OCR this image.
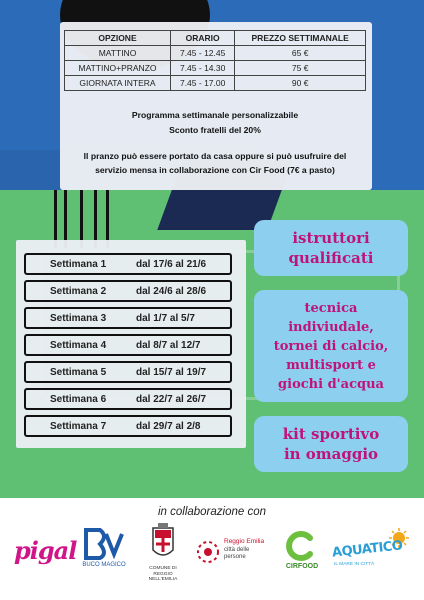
OPZIONE	ORARIO	PREZZO SETTIMANALE
MATTINO	7.45 - 12.45	65 €
MATTINO+PRANZO	7.45 - 14.30	75 €
GIORNATA INTERA	7.45 - 17.00	90 €
Programma settimanale personalizzabile
Sconto fratelli del 20%
Il pranzo può essere portato da casa oppure si può usufruire del
servizio mensa in collaborazione con Cir Food (7€ a pasto)
Settimana 1	dal 17/6 al 21/6
Settimana 2	dal 24/6 al 28/6
Settimana 3	dal 1/7 al 5/7
Settimana 4	dal 8/7 al 12/7
Settimana 5	dal 15/7 al 19/7
Settimana 6	dal 22/7 al 26/7
Settimana 7	dal 29/7 al 2/8
istruttori
qualificati
tecnica
indiviudale,
tornei di calcio,
multisport e
giochi d'acqua
kit sportivo
in omaggio
in collaborazione con
pigal BUCO MAGICO
COMUNE DI REGGIO NELL'EMILIA
Reggio Emilia
città delle persone
CIRFOOD
AQUATICO
IL MARE IN CITTÀ
